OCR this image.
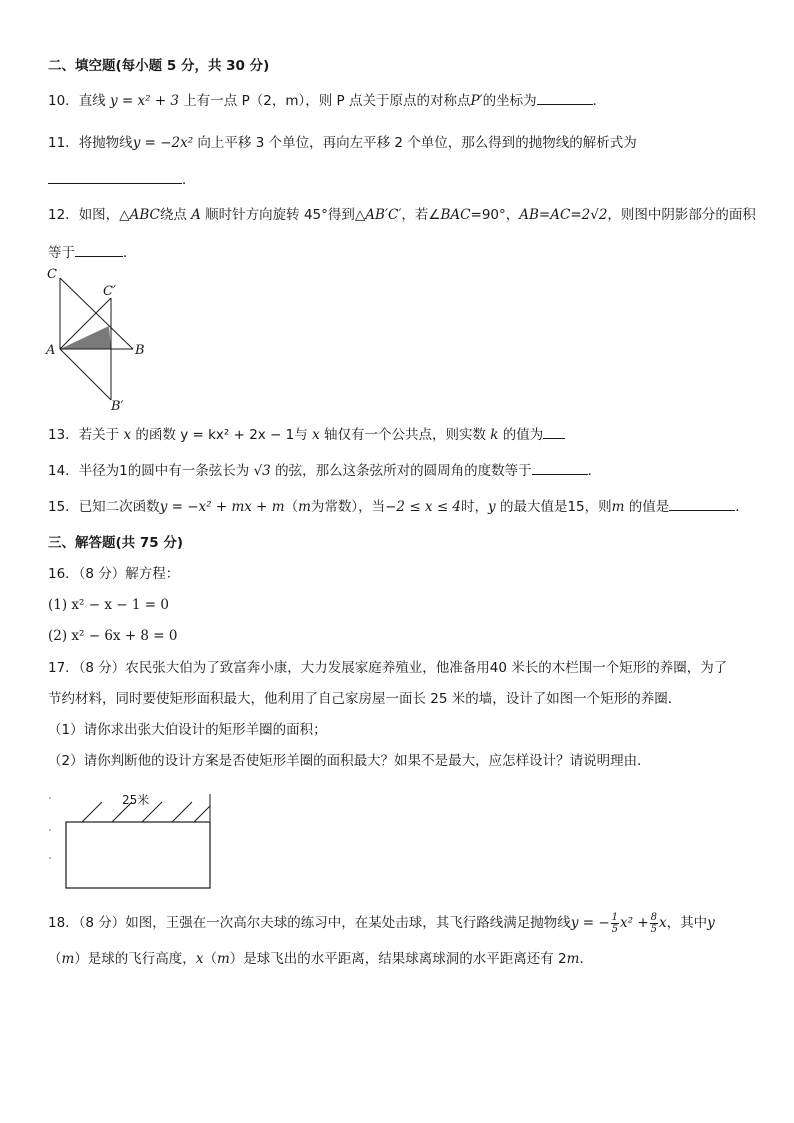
二、填空题(每小题 5 分，共 30 分)
10．直线 y = x² + 3 上有一点 P（2，m），则 P 点关于原点的对称点P′的坐标为	．
11．将抛物线y = −2x² 向上平移 3 个单位，再向左平移 2 个单位，那么得到的抛物线的解析式为
．
12．如图，△ABC绕点 A 顺时针方向旋转 45°得到△AB′C′，若∠BAC=90°，AB=AC=2√2，则图中阴影部分的面积
等于	．
C
C′
A	B
B′
13．若关于 x 的函数 y = kx² + 2x − 1与 x 轴仅有一个公共点，则实数 k 的值为
14．半径为1的圆中有一条弦长为 √3 的弦，那么这条弦所对的圆周角的度数等于	．
15．已知二次函数y = −x² + mx + m（m为常数），当−2 ≤ x ≤ 4时，y 的最大值是15，则m 的值是	．
三、解答题(共 75 分)
16．（8 分）解方程：
(1) x² − x − 1 = 0
(2) x² − 6x + 8 = 0
17．（8 分）农民张大伯为了致富奔小康，大力发展家庭养殖业，他准备用40 米长的木栏围一个矩形的养圈，为了
节约材料，同时要使矩形面积最大，他利用了自己家房屋一面长 25 米的墙，设计了如图一个矩形的养圈．
（1）请你求出张大伯设计的矩形羊圈的面积；
（2）请你判断他的设计方案是否使矩形羊圈的面积最大？如果不是最大，应怎样设计？请说明理由．
25米
18．（8 分）如图，王强在一次高尔夫球的练习中，在某处击球，其飞行路线满足抛物线y = − $\frac{1}{5} x^2 + \frac{8}{5}$ x，其中y
（m）是球的飞行高度，x（m）是球飞出的水平距离，结果球离球洞的水平距离还有 2m．
